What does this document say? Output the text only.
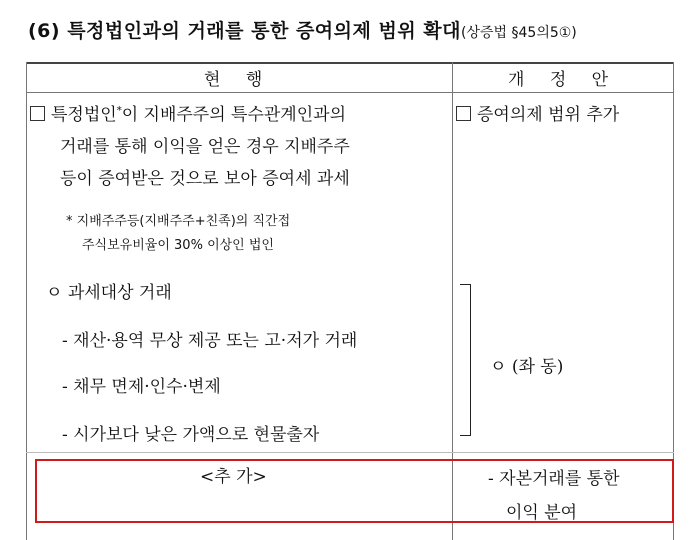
(6) 특정법인과의 거래를 통한 증여의제 범위 확대(상증법 §45의5①)
현 행	개 정 안
특정법인*이 지배주주의 특수관계인과의
거래를 통해 이익을 얻은 경우 지배주주
등이 증여받은 것으로 보아 증여세 과세
* 지배주주등(지배주주+친족)의 직간접
주식보유비율이 30% 이상인 법인
ㅇ 과세대상 거래
- 재산·용역 무상 제공 또는 고·저가 거래
- 채무 면제·인수·변제
- 시가보다 낮은 가액으로 현물출자
<추 가>
증여의제 범위 추가
ㅇ (좌 동)
- 자본거래를 통한
이익 분여
